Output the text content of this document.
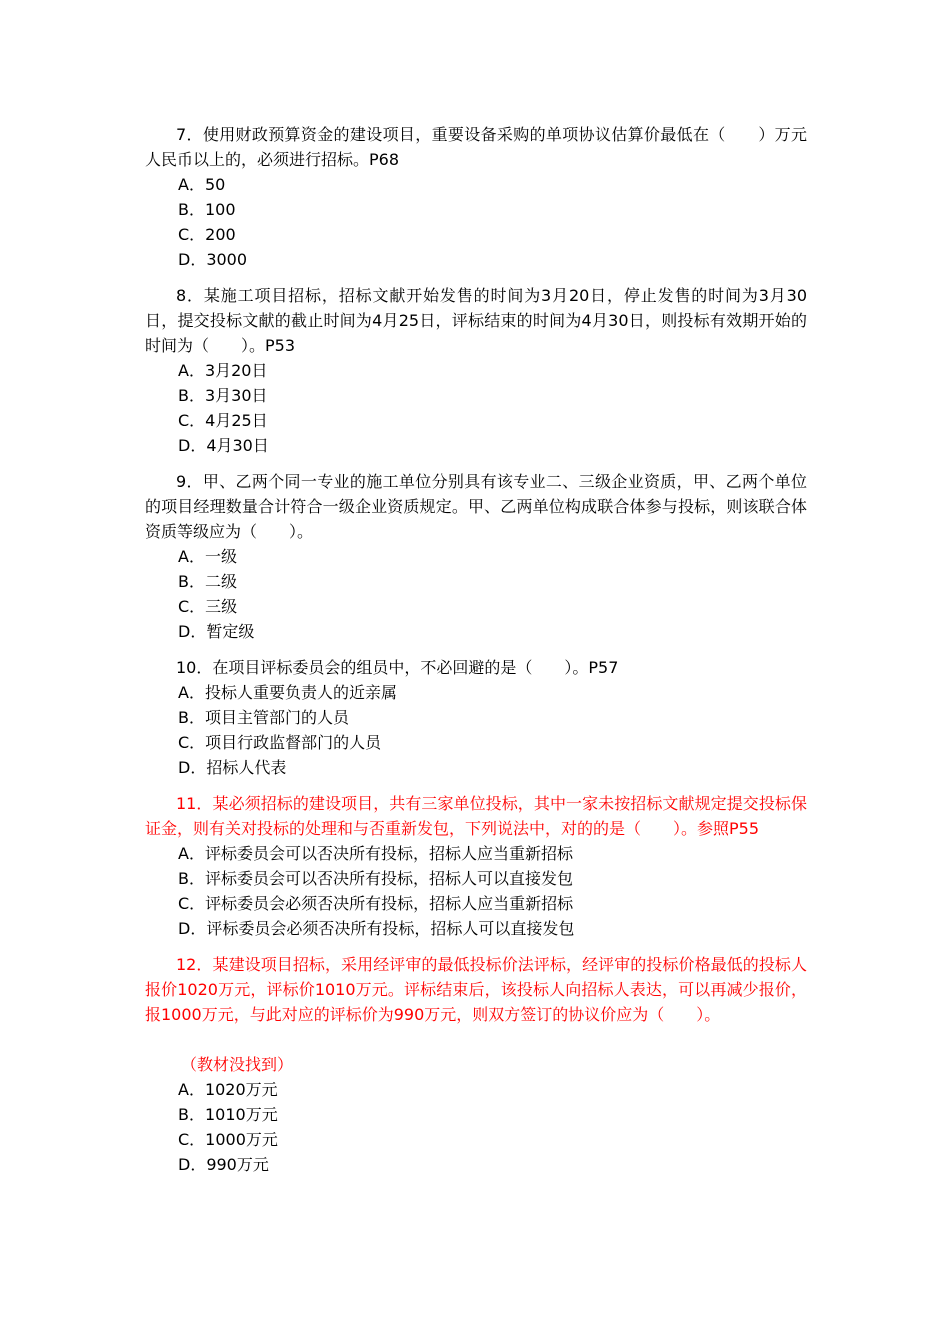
7．使用财政预算资金的建设项目，重要设备采购的单项协议估算价最低在（　　）万元人民币以上的，必须进行招标。P68

A．50
B．100
C．200
D．3000

8．某施工项目招标，招标文献开始发售的时间为3月20日，停止发售的时间为3月30日，提交投标文献的截止时间为4月25日，评标结束的时间为4月30日，则投标有效期开始的时间为（　　）。P53

A．3月20日
B．3月30日
C．4月25日
D．4月30日

9．甲、乙两个同一专业的施工单位分别具有该专业二、三级企业资质，甲、乙两个单位的项目经理数量合计符合一级企业资质规定。甲、乙两单位构成联合体参与投标，则该联合体资质等级应为（　　）。

A．一级
B．二级
C．三级
D．暂定级

10．在项目评标委员会的组员中，不必回避的是（　　）。P57

A．投标人重要负责人的近亲属
B．项目主管部门的人员
C．项目行政监督部门的人员
D．招标人代表

11．某必须招标的建设项目，共有三家单位投标，其中一家未按招标文献规定提交投标保证金，则有关对投标的处理和与否重新发包，下列说法中，对的的是（　　）。参照P55

A．评标委员会可以否决所有投标，招标人应当重新招标
B．评标委员会可以否决所有投标，招标人可以直接发包
C．评标委员会必须否决所有投标，招标人应当重新招标
D．评标委员会必须否决所有投标，招标人可以直接发包

12．某建设项目招标，采用经评审的最低投标价法评标，经评审的投标价格最低的投标人报价1020万元，评标价1010万元。评标结束后，该投标人向招标人表达，可以再减少报价，报1000万元，与此对应的评标价为990万元，则双方签订的协议价应为（　　）。

（教材没找到）

A．1020万元
B．1010万元
C．1000万元
D．990万元
